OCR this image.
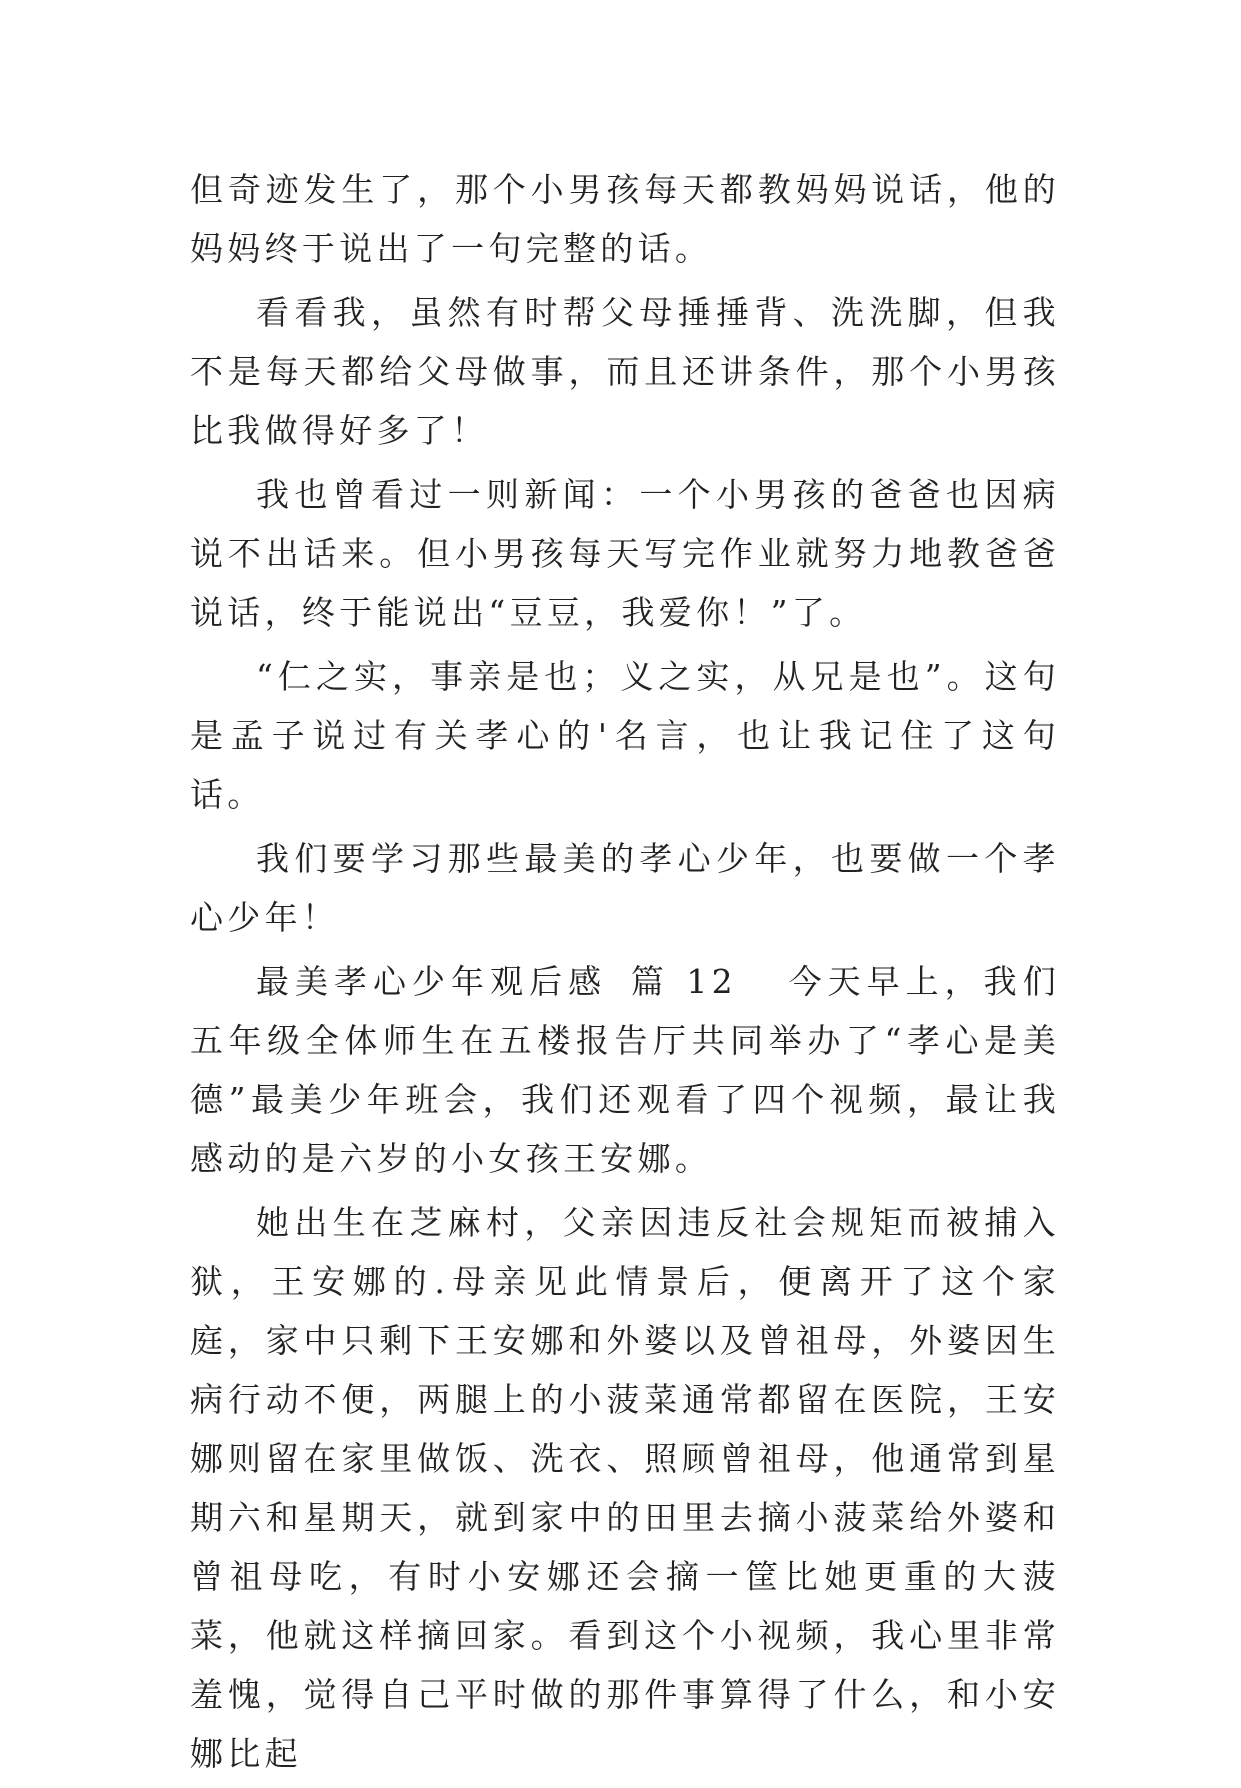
但奇迹发生了，那个小男孩每天都教妈妈说话，他的妈妈终于说出了一句完整的话。

看看我，虽然有时帮父母捶捶背、洗洗脚，但我不是每天都给父母做事，而且还讲条件，那个小男孩比我做得好多了！

我也曾看过一则新闻：一个小男孩的爸爸也因病说不出话来。但小男孩每天写完作业就努力地教爸爸说话，终于能说出“豆豆，我爱你！”了。

“仁之实，事亲是也；义之实，从兄是也”。这句是孟子说过有关孝心的'名言，也让我记住了这句话。

我们要学习那些最美的孝心少年，也要做一个孝心少年！

最美孝心少年观后感 篇 12 今天早上，我们五年级全体师生在五楼报告厅共同举办了“孝心是美德”最美少年班会，我们还观看了四个视频，最让我感动的是六岁的小女孩王安娜。

她出生在芝麻村，父亲因违反社会规矩而被捕入狱，王安娜的.母亲见此情景后，便离开了这个家庭，家中只剩下王安娜和外婆以及曾祖母，外婆因生病行动不便，两腿上的小菠菜通常都留在医院，王安娜则留在家里做饭、洗衣、照顾曾祖母，他通常到星期六和星期天，就到家中的田里去摘小菠菜给外婆和曾祖母吃，有时小安娜还会摘一筐比她更重的大菠菜，他就这样摘回家。看到这个小视频，我心里非常羞愧，觉得自己平时做的那件事算得了什么，和小安娜比起
